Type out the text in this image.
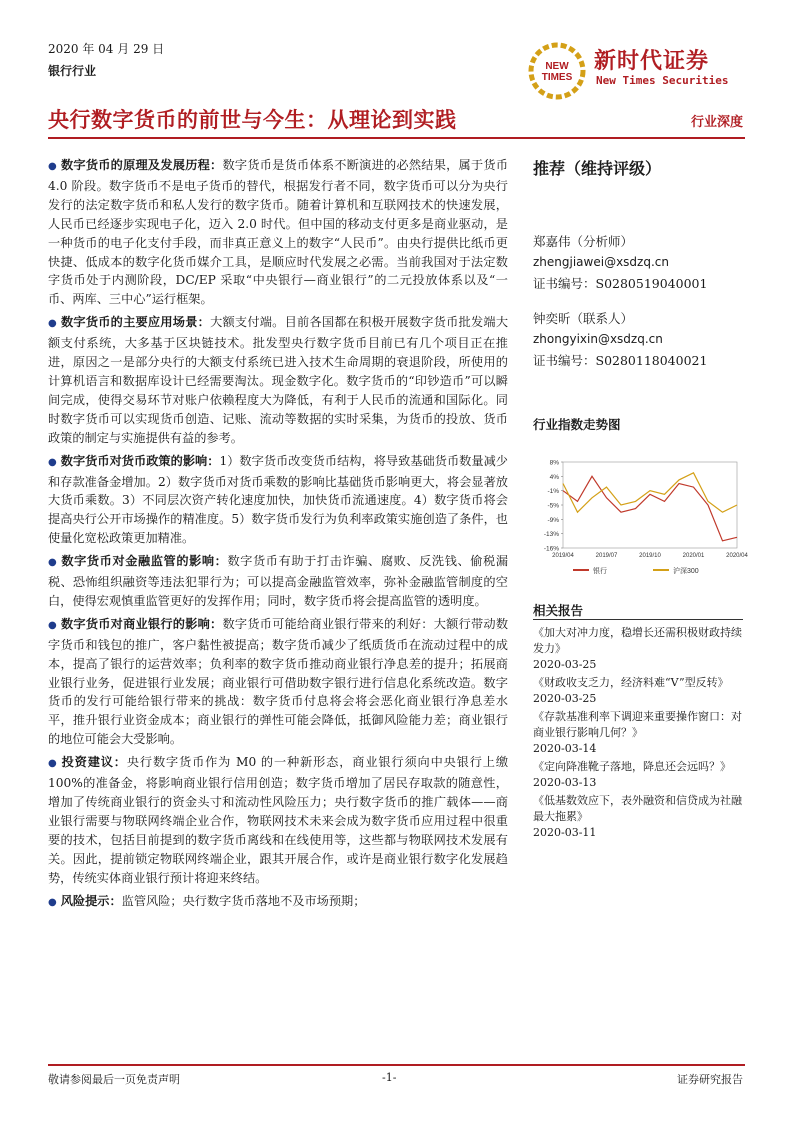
2020 年 04 月 29 日
银行行业	NEW
TIMES
新时代证券
New Times Securities
央行数字货币的前世与今生：从理论到实践	行业深度

● 数字货币的原理及发展历程：数字货币是货币体系不断演进的必然结果，属于货币 4.0 阶段。数字货币不是电子货币的替代，根据发行者不同，数字货币可以分为央行发行的法定数字货币和私人发行的数字货币。随着计算机和互联网技术的快速发展，人民币已经逐步实现电子化，迈入 2.0 时代。但中国的移动支付更多是商业驱动，是一种货币的电子化支付手段，而非真正意义上的数字“人民币”。由央行提供比纸币更快捷、低成本的数字化货币媒介工具，是顺应时代发展之必需。当前我国对于法定数字货币处于内测阶段，DC/EP 采取“中央银行—商业银行”的二元投放体系以及“一币、两库、三中心”运行框架。

● 数字货币的主要应用场景：大额支付端。目前各国都在积极开展数字货币批发端大额支付系统，大多基于区块链技术。批发型央行数字货币目前已有几个项目正在推进，原因之一是部分央行的大额支付系统已进入技术生命周期的衰退阶段，所使用的计算机语言和数据库设计已经需要淘汰。现金数字化。数字货币的“印钞造币”可以瞬间完成，使得交易环节对账户依赖程度大为降低，有利于人民币的流通和国际化。同时数字货币可以实现货币创造、记账、流动等数据的实时采集，为货币的投放、货币政策的制定与实施提供有益的参考。

● 数字货币对货币政策的影响：1）数字货币改变货币结构，将导致基础货币数量减少和存款准备金增加。2）数字货币对货币乘数的影响比基础货币影响更大，将会显著放大货币乘数。3）不同层次资产转化速度加快，加快货币流通速度。4）数字货币将会提高央行公开市场操作的精准度。5）数字货币发行为负利率政策实施创造了条件，也使量化宽松政策更加精准。

● 数字货币对金融监管的影响：数字货币有助于打击诈骗、腐败、反洗钱、偷税漏税、恐怖组织融资等违法犯罪行为；可以提高金融监管效率，弥补金融监管制度的空白，使得宏观慎重监管更好的发挥作用；同时，数字货币将会提高监管的透明度。

● 数字货币对商业银行的影响：数字货币可能给商业银行带来的利好：大额行带动数字货币和钱包的推广，客户黏性被提高；数字货币减少了纸质货币在流动过程中的成本，提高了银行的运营效率；负利率的数字货币推动商业银行净息差的提升；拓展商业银行业务，促进银行业发展；商业银行可借助数字银行进行信息化系统改造。数字货币的发行可能给银行带来的挑战：数字货币付息将会将会恶化商业银行净息差水平，推升银行业资金成本；商业银行的弹性可能会降低，抵御风险能力差；商业银行的地位可能会大受影响。

● 投资建议：央行数字货币作为 M0 的一种新形态，商业银行须向中央银行上缴 100%的准备金，将影响商业银行信用创造；数字货币增加了居民存取款的随意性，增加了传统商业银行的资金头寸和流动性风险压力；央行数字货币的推广载体——商业银行需要与物联网终端企业合作，物联网技术未来会成为数字货币应用过程中很重要的技术，包括目前提到的数字货币离线和在线使用等，这些都与物联网技术发展有关。因此，提前锁定物联网终端企业，跟其开展合作，或许是商业银行数字化发展趋势，传统实体商业银行预计将迎来终结。

● 风险提示：监管风险；央行数字货币落地不及市场预期；

推荐（维持评级）
郑嘉伟（分析师）
zhengjiawei@xsdzq.cn
证书编号：S0280519040001
钟奕昕（联系人）
zhongyixin@xsdzq.cn
证书编号：S0280118040021
行业指数走势图
8%
4%
-1%
-5%
-9%
-13%
-16%
2019/04	2019/07	2019/10	2020/01	2020/04
银行	沪深300
相关报告
《加大对冲力度，稳增长还需积极财政持续发力》
2020-03-25
《财政收支乏力，经济料难“V”型反转》
2020-03-25
《存款基准利率下调迎来重要操作窗口：对商业银行影响几何？》
2020-03-14
《定向降准靴子落地，降息还会远吗？》
2020-03-13
《低基数效应下，表外融资和信贷成为社融最大拖累》
2020-03-11
敬请参阅最后一页免责声明	-1-	证券研究报告
